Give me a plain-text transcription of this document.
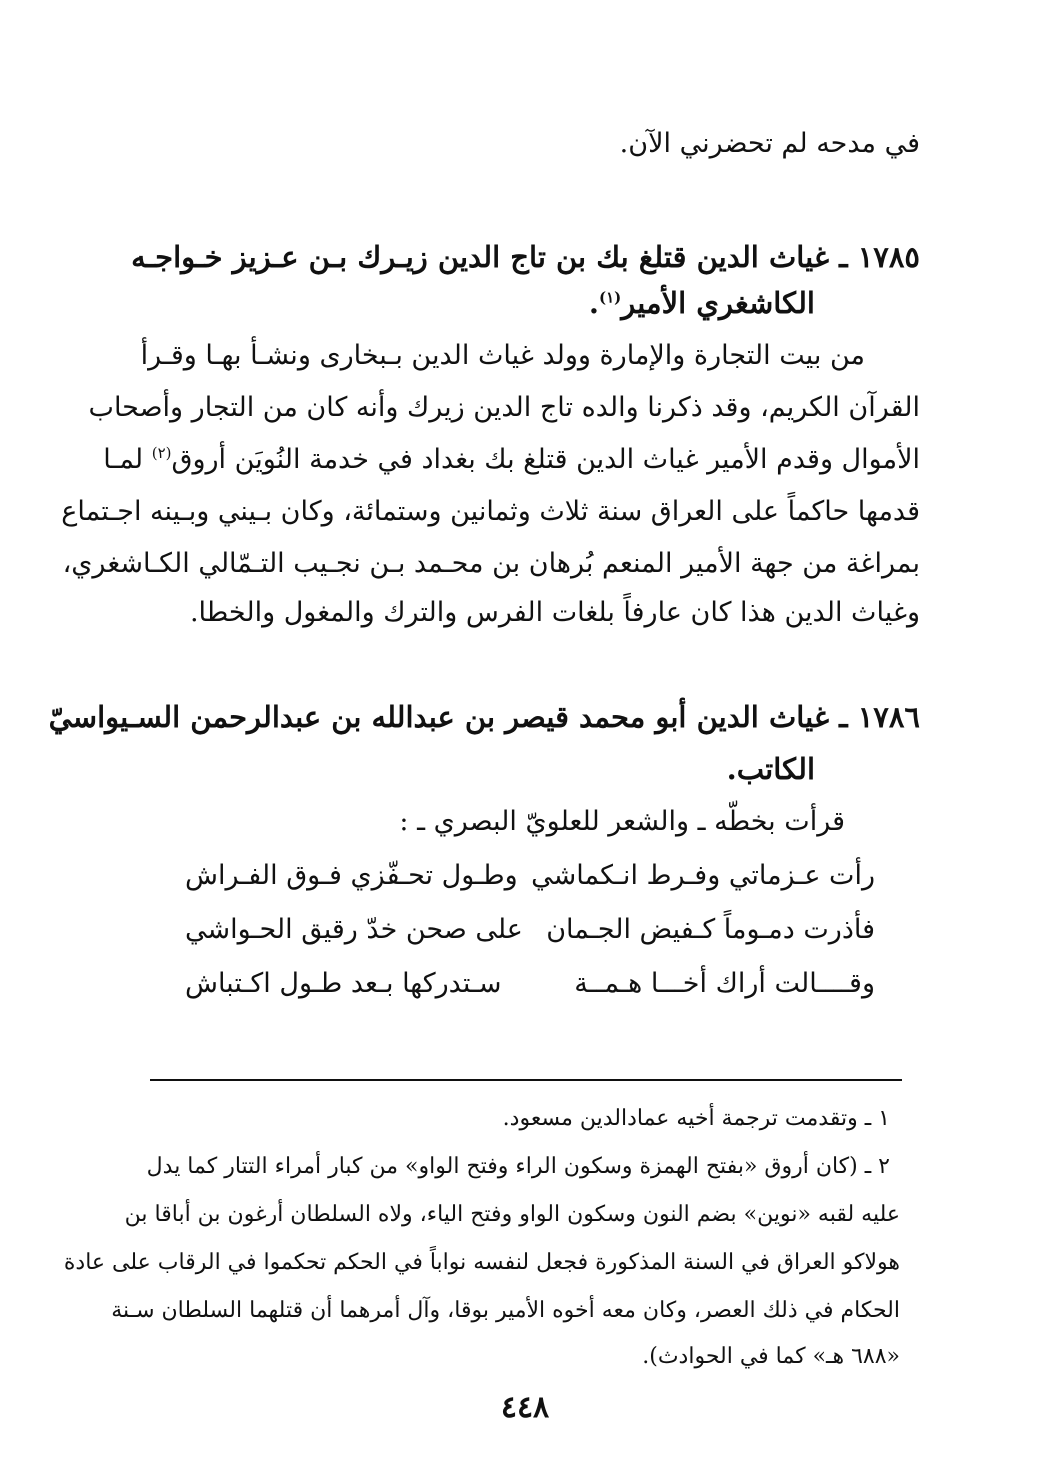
في مدحه لم تحضرني الآن.
١٧٨٥ ـ غياث الدين قتلغ بك بن تاج الدين زيـرك بـن عـزيز خـواجـه
الكاشغري الأمير$^{(١)}$.
من بيت التجارة والإمارة وولد غياث الدين بـبخارى ونشـأ بهـا وقـرأ
القرآن الكريم، وقد ذكرنا والده تاج الدين زيرك وأنه كان من التجار وأصحاب
الأموال وقدم الأمير غياث الدين قتلغ بك بغداد في خدمة النُويَن أروق$^{(٢)}$ لمـا
قدمها حاكماً على العراق سنة ثلاث وثمانين وستمائة، وكان بـيني وبـينه اجـتماع
بمراغة من جهة الأمير المنعم بُرهان بن محـمد بـن نجـيب التـمّالي الكـاشغري،
وغياث الدين هذا كان عارفاً بلغات الفرس والترك والمغول والخطا.
١٧٨٦ ـ غياث الدين أبو محمد قيصر بن عبدالله بن عبدالرحمن السـيواسيّ
الكاتب.
قرأت بخطّه ـ والشعر للعلويّ البصري ـ :
رأت عـزماتي وفـرط انـكماشي
وطـول تحـفّزي فـوق الفـراش
فأذرت دمـوماً كـفيض الجـمان
على صحن خدّ رقيق الحـواشي
وقــــالت أراك أخـــا هـمــة
سـتدركها بـعد طـول اكـتباش
١ ـ وتقدمت ترجمة أخيه عمادالدين مسعود.
٢ ـ (كان أروق «بفتح الهمزة وسكون الراء وفتح الواو» من كبار أمراء التتار كما يدل
عليه لقبه «نوين» بضم النون وسكون الواو وفتح الياء، ولاه السلطان أرغون بن أباقا بن
هولاكو العراق في السنة المذكورة فجعل لنفسه نواباً في الحكم تحكموا في الرقاب على عادة
الحكام في ذلك العصر، وكان معه أخوه الأمير بوقا، وآل أمرهما أن قتلهما السلطان سـنة
«٦٨٨ هـ» كما في الحوادث).
٤٤٨
